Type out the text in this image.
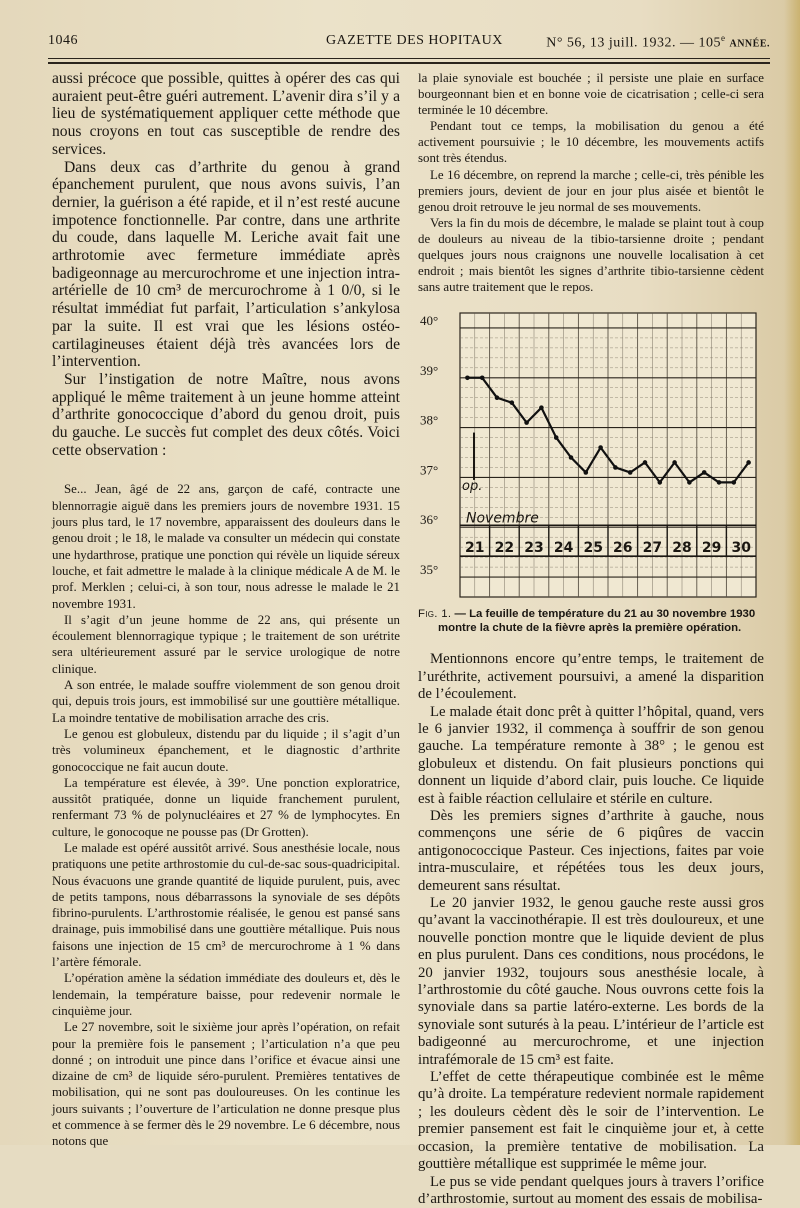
1046	GAZETTE DES HOPITAUX	N° 56, 13 juill. 1932. — 105e ANNÉE.

aussi précoce que possible, quittes à opérer des cas qui auraient peut-être guéri autrement. L’avenir dira s’il y a lieu de systématiquement appliquer cette méthode que nous croyons en tout cas susceptible de rendre des services.

Dans deux cas d’arthrite du genou à grand épanchement purulent, que nous avons suivis, l’an dernier, la guérison a été rapide, et il n’est resté aucune impotence fonctionnelle. Par contre, dans une arthrite du coude, dans laquelle M. Leriche avait fait une arthrotomie avec fermeture immédiate après badigeonnage au mercurochrome et une injection intra-artérielle de 10 cm³ de mercurochrome à 1 0/0, si le résultat immédiat fut parfait, l’articulation s’ankylosa par la suite. Il est vrai que les lésions ostéo-cartilagineuses étaient déjà très avancées lors de l’intervention.

Sur l’instigation de notre Maître, nous avons appliqué le même traitement à un jeune homme atteint d’arthrite gonococcique d’abord du genou droit, puis du gauche. Le succès fut complet des deux côtés. Voici cette observation :

Se... Jean, âgé de 22 ans, garçon de café, contracte une blennorragie aiguë dans les premiers jours de novembre 1931. 15 jours plus tard, le 17 novembre, apparaissent des douleurs dans le genou droit ; le 18, le malade va consulter un médecin qui constate une hydarthrose, pratique une ponction qui révèle un liquide séreux louche, et fait admettre le malade à la clinique médicale A de M. le prof. Merklen ; celui-ci, à son tour, nous adresse le malade le 21 novembre 1931.

Il s’agit d’un jeune homme de 22 ans, qui présente un écoulement blennorragique typique ; le traitement de son urétrite sera ultérieurement assuré par le service urologique de notre clinique.

A son entrée, le malade souffre violemment de son genou droit qui, depuis trois jours, est immobilisé sur une gouttière métallique. La moindre tentative de mobilisation arrache des cris.

Le genou est globuleux, distendu par du liquide ; il s’agit d’un très volumineux épanchement, et le diagnostic d’arthrite gonococcique ne fait aucun doute.

La température est élevée, à 39°. Une ponction exploratrice, aussitôt pratiquée, donne un liquide franchement purulent, renfermant 73 % de polynucléaires et 27 % de lymphocytes. En culture, le gonocoque ne pousse pas (Dr Grotten).

Le malade est opéré aussitôt arrivé. Sous anesthésie locale, nous pratiquons une petite arthrostomie du cul-de-sac sous-quadricipital. Nous évacuons une grande quantité de liquide purulent, puis, avec de petits tampons, nous débarrassons la synoviale de ses dépôts fibrino-purulents. L’arthrostomie réalisée, le genou est pansé sans drainage, puis immobilisé dans une gouttière métallique. Puis nous faisons une injection de 15 cm³ de mercurochrome à 1 % dans l’artère fémorale.

L’opération amène la sédation immédiate des douleurs et, dès le lendemain, la température baisse, pour redevenir normale le cinquième jour.

Le 27 novembre, soit le sixième jour après l’opération, on refait pour la première fois le pansement ; l’articulation n’a que peu donné ; on introduit une pince dans l’orifice et évacue ainsi une dizaine de cm³ de liquide séro-purulent. Premières tentatives de mobilisation, qui ne sont pas douloureuses. On les continue les jours suivants ; l’ouverture de l’articulation ne donne presque plus et commence à se fermer dès le 29 novembre. Le 6 décembre, nous notons que

la plaie synoviale est bouchée ; il persiste une plaie en surface bourgeonnant bien et en bonne voie de cicatrisation ; celle-ci sera terminée le 10 décembre.

Pendant tout ce temps, la mobilisation du genou a été activement poursuivie ; le 10 décembre, les mouvements actifs sont très étendus.

Le 16 décembre, on reprend la marche ; celle-ci, très pénible les premiers jours, devient de jour en jour plus aisée et bientôt le genou droit retrouve le jeu normal de ses mouvements.

Vers la fin du mois de décembre, le malade se plaint tout à coup de douleurs au niveau de la tibio-tarsienne droite ; pendant quelques jours nous craignons une nouvelle localisation à cet endroit ; mais bientôt les signes d’arthrite tibio-tarsienne cèdent sans autre traitement que le repos.

40°
39°
38°
37°
36°
35°
Novembre
21 22 23 24 25 26 27 28 29 30
op.
Fig. 1. — La feuille de température du 21 au 30 novembre 1930
montre la chute de la fièvre après la première opération.

Mentionnons encore qu’entre temps, le traitement de l’uréthrite, activement poursuivi, a amené la disparition de l’écoulement.

Le malade était donc prêt à quitter l’hôpital, quand, vers le 6 janvier 1932, il commença à souffrir de son genou gauche. La température remonte à 38° ; le genou est globuleux et distendu. On fait plusieurs ponctions qui donnent un liquide d’abord clair, puis louche. Ce liquide est à faible réaction cellulaire et stérile en culture.

Dès les premiers signes d’arthrite à gauche, nous commençons une série de 6 piqûres de vaccin antigonococcique Pasteur. Ces injections, faites par voie intra-musculaire, et répétées tous les deux jours, demeurent sans résultat.

Le 20 janvier 1932, le genou gauche reste aussi gros qu’avant la vaccinothérapie. Il est très douloureux, et une nouvelle ponction montre que le liquide devient de plus en plus purulent. Dans ces conditions, nous procédons, le 20 janvier 1932, toujours sous anesthésie locale, à l’arthrostomie du côté gauche. Nous ouvrons cette fois la synoviale dans sa partie latéro-externe. Les bords de la synoviale sont suturés à la peau. L’intérieur de l’article est badigeonné au mercurochrome, et une injection intrafémorale de 15 cm³ est faite.

L’effet de cette thérapeutique combinée est le même qu’à droite. La température redevient normale rapidement ; les douleurs cèdent dès le soir de l’intervention. Le premier pansement est fait le cinquième jour et, à cette occasion, la première tentative de mobilisation. La gouttière métallique est supprimée le même jour.

Le pus se vide pendant quelques jours à travers l’orifice d’arthrostomie, surtout au moment des essais de mobilisa-
